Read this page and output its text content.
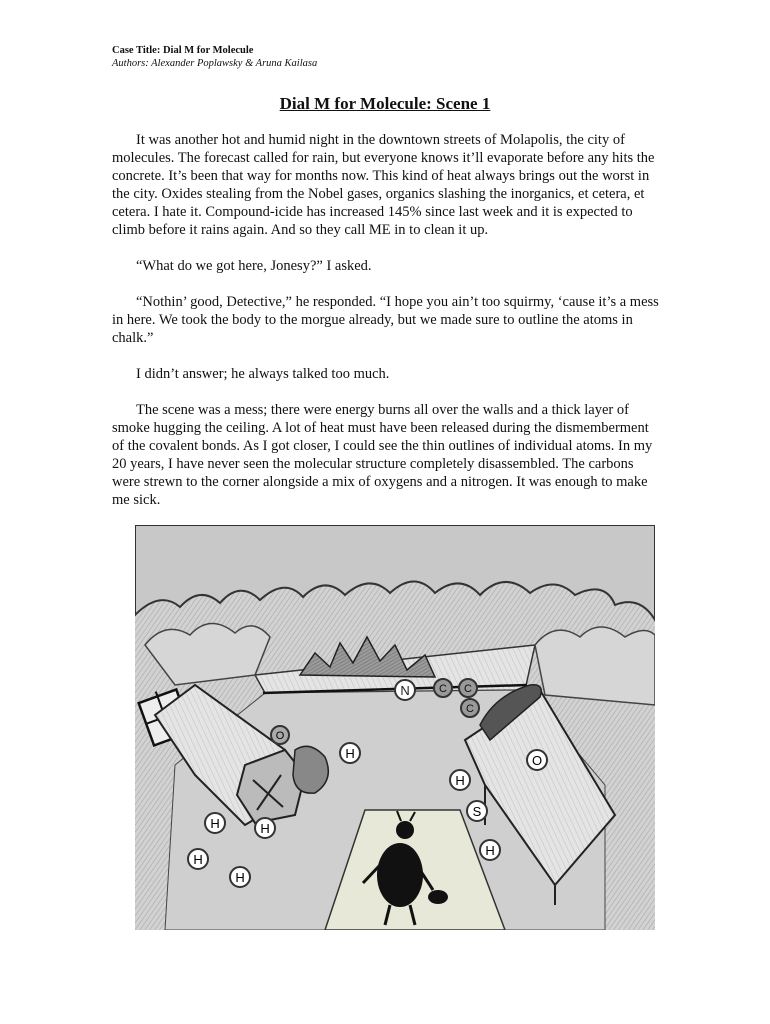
Case Title: Dial M for Molecule
Authors: Alexander Poplawsky & Aruna Kailasa
Dial M for Molecule: Scene 1

It was another hot and humid night in the downtown streets of Molapolis, the city of molecules. The forecast called for rain, but everyone knows it’ll evaporate before any hits the concrete. It’s been that way for months now. This kind of heat always brings out the worst in the city. Oxides stealing from the Nobel gases, organics slashing the inorganics, et cetera, et cetera. I hate it. Compound-icide has increased 145% since last week and it is expected to climb before it rains again. And so they call ME in to clean it up.

“What do we got here, Jonesy?” I asked.

“Nothin’ good, Detective,” he responded. “I hope you ain’t too squirmy, ‘cause it’s a mess in here. We took the body to the morgue already, but we made sure to outline the atoms in chalk.”

I didn’t answer; he always talked too much.

The scene was a mess; there were energy burns all over the walls and a thick layer of smoke hugging the ceiling. A lot of heat must have been released during the dismemberment of the covalent bonds. As I got closer, I could see the thin outlines of individual atoms. In my 20 years, I have never seen the molecular structure completely disassembled. The carbons were strewn to the corner alongside a mix of oxygens and a nitrogen. It was enough to make me sick.

N	C C
C
H
H	H
H
H
H
H
S
O
O
